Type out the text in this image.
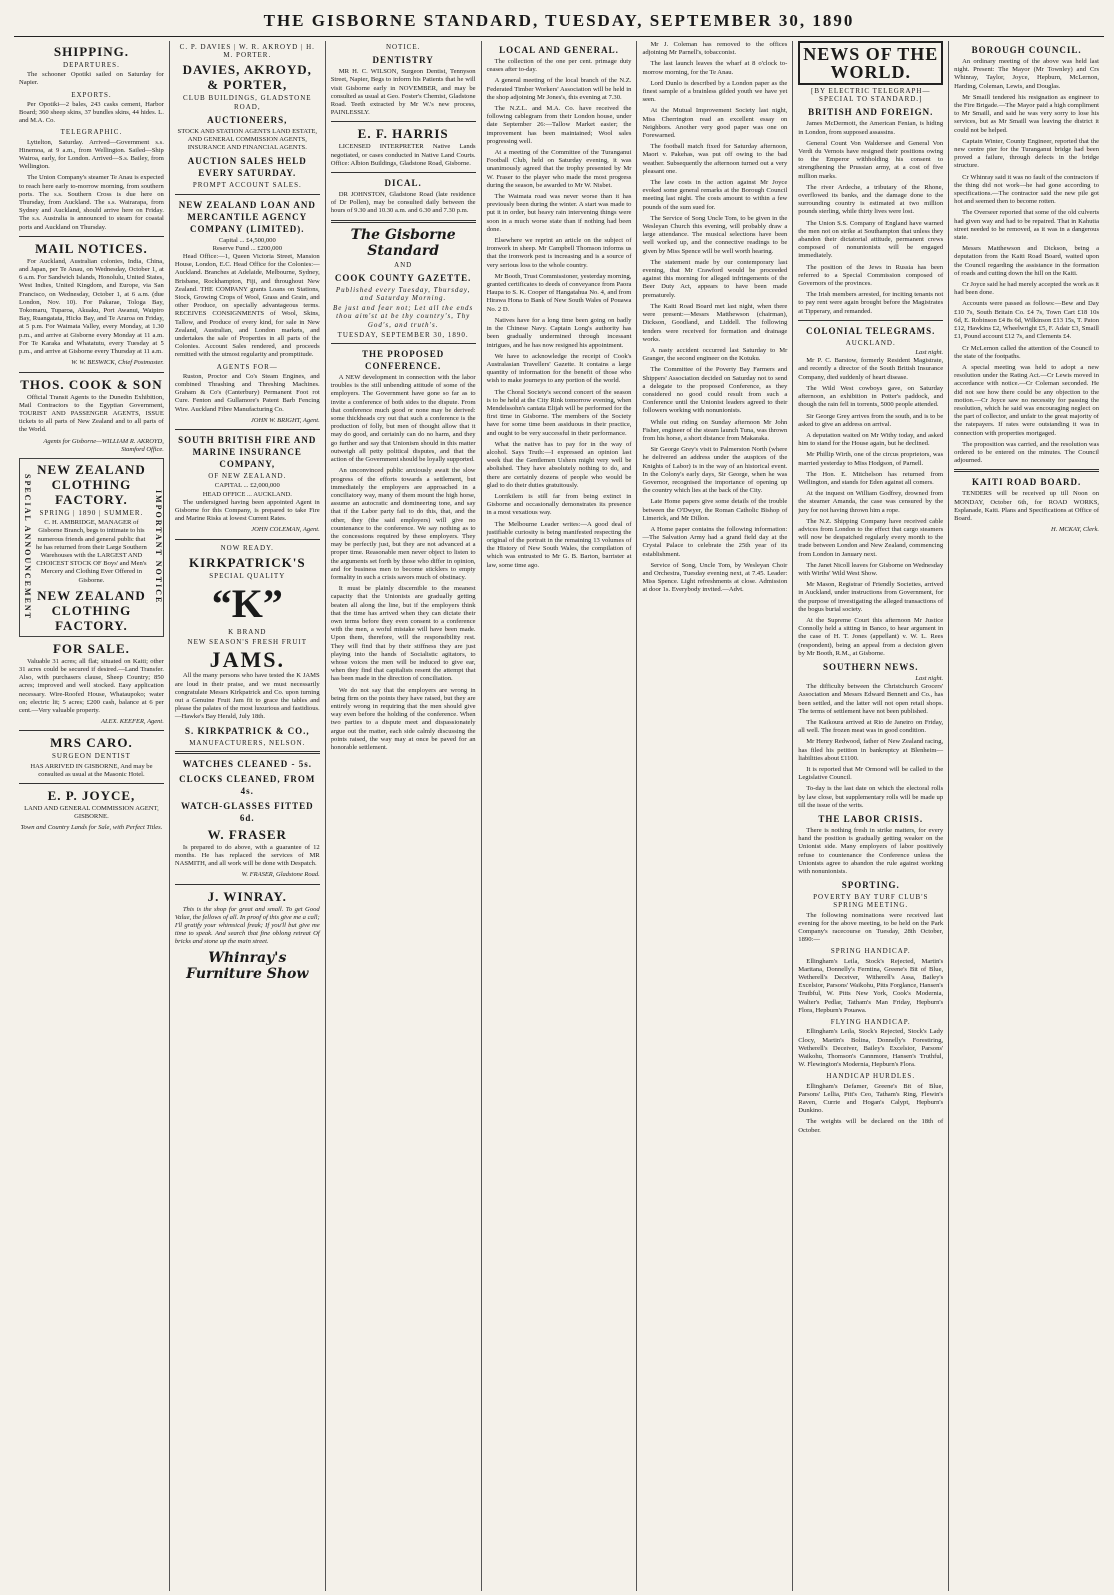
THE GISBORNE STANDARD, TUESDAY, SEPTEMBER 30, 1890
SHIPPING.
DEPARTURES.

The schooner Opotiki sailed on Saturday for Napier.

EXPORTS.

Per Opotiki—2 bales, 243 casks cement, Harbor Board; 360 sheep skins, 37 bundles skins, 44 hides. L. and M.A. Co.

TELEGRAPHIC.

Lyttelton, Saturday. Arrived—Government s.s. Hinemoa, at 9 a.m., from Wellington. Sailed—Ship Wairoa, early, for London. Arrived—S.s. Bailey, from Wellington.

The Union Company's steamer Te Anau is expected to reach here early to-morrow morning, from southern ports. The s.s. Southern Cross is due here on Thursday, from Auckland. The s.s. Wairarapa, from Sydney and Auckland, should arrive here on Friday. The s.s. Australia is announced to steam for coastal ports and Auckland on Thursday.

MAIL NOTICES.

For Auckland, Australian colonies, India, China, and Japan, per Te Anau, on Wednesday, October 1, at 6 a.m. For Sandwich Islands, Honolulu, United States, West Indies, United Kingdom, and Europe, via San Francisco, on Wednesday, October 1, at 6 a.m. (due London, Nov. 10). For Pakarae, Tologa Bay, Tokomaru, Tuparoa, Akuaku, Port Awanui, Waipiro Bay, Ruangatata, Hicks Bay, and Te Araroa on Friday, at 5 p.m. For Waimata Valley, every Monday, at 1.30 p.m., and arrive at Gisborne every Monday at 11 a.m. For Te Karaka and Whatatutu, every Tuesday at 5 p.m., and arrive at Gisborne every Thursday at 11 a.m.

W. W. BESWICK, Chief Postmaster.
THOS. COOK & SON

Official Transit Agents to the Dunedin Exhibition, Mail Contractors to the Egyptian Government, TOURIST AND PASSENGER AGENTS, ISSUE tickets to all parts of New Zealand and to all parts of the World.

Agents for Gisborne—WILLIAM R. AKROYD, Stamford Office.
SPECIAL ANNOUNCEMENT	IMPORTANT NOTICE
NEW ZEALAND CLOTHING FACTORY.
SPRING | 1890 | SUMMER.

C. H. AMBRIDGE, MANAGER of Gisborne Branch, begs to intimate to his numerous friends and general public that he has returned from their Large Southern Warehouses with the LARGEST AND CHOICEST STOCK OF Boys' and Men's Mercery and Clothing Ever Offered in Gisborne.

NEW ZEALAND CLOTHING FACTORY.
FOR SALE.

Valuable 31 acres; all flat; situated on Kaiti; other 31 acres could be secured if desired.—Land Transfer. Also, with purchasers clause, Sheep Country; 850 acres; improved and well stocked. Easy application necessary. Wire-Roofed House, Whataupoko; water on; electric lit; 5 acres; £200 cash, balance at 6 per cent.—Very valuable property.

ALEX. KEEFER, Agent.
MRS CARO.
SURGEON DENTIST

HAS ARRIVED IN GISBORNE, And may be consulted as usual at the Masonic Hotel.

E. P. JOYCE,

LAND AND GENERAL COMMISSION AGENT, GISBORNE.

Town and Country Lands for Sale, with Perfect Titles.

C. P. DAVIES | W. R. AKROYD | H. M. PORTER.
DAVIES, AKROYD, & PORTER,
CLUB BUILDINGS, GLADSTONE ROAD,
AUCTIONEERS,

STOCK AND STATION AGENTS LAND ESTATE, AND GENERAL COMMISSION AGENTS, INSURANCE AND FINANCIAL AGENTS.

AUCTION SALES HELD EVERY SATURDAY.
PROMPT ACCOUNT SALES.
NEW ZEALAND LOAN AND MERCANTILE AGENCY COMPANY (LIMITED).
Capital ... £4,500,000
Reserve Fund ... £200,000

Head Office:—1, Queen Victoria Street, Mansion House, London, E.C. Head Office for the Colonies:—Auckland. Branches at Adelaide, Melbourne, Sydney, Brisbane, Rockhampton, Fiji, and throughout New Zealand. THE COMPANY grants Loans on Stations, Stock, Growing Crops of Wool, Grass and Grain, and other Produce, on specially advantageous terms. RECEIVES CONSIGNMENTS of Wool, Skins, Tallow, and Produce of every kind, for sale in New Zealand, Australian, and London markets, and undertakes the sale of Properties in all parts of the Colonies. Account Sales rendered, and proceeds remitted with the utmost regularity and promptitude.

AGENTS FOR—

Ruston, Proctor and Co's Steam Engines, and combined Thrashing and Threshing Machines. Graham & Co's (Canterbury) Permanent Foot rot Cure. Fenton and Gullamore's Patent Barb Fencing Wire. Auckland Fibre Manufacturing Co.

JOHN W. BRIGHT, Agent.
SOUTH BRITISH FIRE AND MARINE INSURANCE COMPANY,
OF NEW ZEALAND.
CAPITAL ... £2,000,000
HEAD OFFICE ... AUCKLAND.

The undersigned having been appointed Agent in Gisborne for this Company, is prepared to take Fire and Marine Risks at lowest Current Rates.

JOHN COLEMAN, Agent.
NOW READY.
KIRKPATRICK'S
SPECIAL QUALITY
“K”
K BRAND
NEW SEASON'S FRESH FRUIT
JAMS.

All the many persons who have tested the K JAMS are loud in their praise, and we must necessarily congratulate Messrs Kirkpatrick and Co. upon turning out a Genuine Fruit Jam fit to grace the tables and please the palates of the most luxurious and fastidious.—Hawke's Bay Herald, July 18th.

S. KIRKPATRICK & CO.,
MANUFACTURERS, NELSON.
WATCHES CLEANED - 5s.
CLOCKS CLEANED, FROM 4s.
WATCH-GLASSES FITTED 6d.
W. FRASER

Is prepared to do above, with a guarantee of 12 months. He has replaced the services of MR NASMITH, and all work will be done with Despatch.

W. FRASER, Gladstone Road.
J. WINRAY.

This is the shop for great and small. To get Good Value, the fellows of all. In proof of this give me a call; I'll gratify your whimsical freak; If you'll but give me time to speak. And search that fine oblong retreat Of bricks and stone up the main street.

Whinray's Furniture Show
NOTICE.
DENTISTRY

MR H. C. WILSON, Surgeon Dentist, Tennyson Street, Napier, Begs to inform his Patients that he will visit Gisborne early in NOVEMBER, and may be consulted as usual at Geo. Foster's Chemist, Gladstone Road. Teeth extracted by Mr W.'s new process, PAINLESSLY.

E. F. HARRIS

LICENSED INTERPRETER Native Lands negotiated, or cases conducted in Native Land Courts. Office: Albion Buildings, Gladstone Road, Gisborne.

DICAL.

DR JOHNSTON, Gladstone Road (late residence of Dr Pollen), may be consulted daily between the hours of 9.30 and 10.30 a.m. and 6.30 and 7.30 p.m.

The Gisborne Standard
AND
COOK COUNTY GAZETTE.
Published every Tuesday, Thursday, and Saturday Morning.
Be just and fear not; Let all the ends thou aim'st at be thy country's, Thy God's, and truth's.
TUESDAY, SEPTEMBER 30, 1890.
THE PROPOSED CONFERENCE.

A NEW development in connection with the labor troubles is the still unbending attitude of some of the employers. The Government have gone so far as to invite a conference of both sides to the dispute. From that conference much good or none may be derived: some thickheads cry out that such a conference is the production of folly, but men of thought allow that it may do good, and certainly can do no harm, and they go further and say that Unionism should in this matter outweigh all petty political disputes, and that the action of the Government should be loyally supported.

An unconvinced public anxiously await the slow progress of the efforts towards a settlement, but immediately the employers are approached in a conciliatory way, many of them mount the high horse, assume an autocratic and domineering tone, and say that if the Labor party fail to do this, that, and the other, they (the said employers) will give no countenance to the conference. We say nothing as to the concessions required by these employers. They may be perfectly just, but they are not advanced at a proper time. Reasonable men never object to listen to the arguments set forth by those who differ in opinion, and for business men to become sticklers to empty formality in such a crisis savors much of obstinacy.

It must be plainly discernible to the meanest capacity that the Unionists are gradually getting beaten all along the line, but if the employers think that the time has arrived when they can dictate their own terms before they even consent to a conference with the men, a woful mistake will have been made. Upon them, therefore, will the responsibility rest. They will find that by their stiffness they are just playing into the hands of Socialistic agitators, to whose voices the men will be induced to give ear, when they find that capitalists resent the attempt that has been made in the direction of conciliation.

We do not say that the employers are wrong in being firm on the points they have raised, but they are entirely wrong in requiring that the men should give way even before the holding of the conference. When two parties to a dispute meet and dispassionately argue out the matter, each side calmly discussing the points raised, the way may at once be paved for an honorable settlement.

LOCAL AND GENERAL.

The collection of the one per cent. primage duty ceases after to-day.

A general meeting of the local branch of the N.Z. Federated Timber Workers' Association will be held in the shop adjoining Mr Jones's, this evening at 7.30.

The N.Z.L. and M.A. Co. have received the following cablegram from their London house, under date September 26:—Tallow Market easier; the improvement has been maintained; Wool sales progressing well.

At a meeting of the Committee of the Turanganui Football Club, held on Saturday evening, it was unanimously agreed that the trophy presented by Mr W. Fraser to the player who made the most progress during the season, be awarded to Mr W. Nisbet.

The Waimata road was never worse than it has previously been during the winter. A start was made to put it in order, but heavy rain intervening things were soon in a much worse state than if nothing had been done.

Elsewhere we reprint an article on the subject of ironwork in sheep. Mr Campbell Thomson informs us that the ironwork pest is increasing and is a source of very serious loss to the whole country.

Mr Booth, Trust Commissioner, yesterday morning, granted certificates to deeds of conveyance from Paora Haupa to S. K. Cooper of Hangatahua No. 4, and from Hirawa Hona to Bank of New South Wales of Pouawa No. 2 D.

Natives have for a long time been going on badly in the Chinese Navy. Captain Long's authority has been gradually undermined through incessant intrigues, and he has now resigned his appointment.

We have to acknowledge the receipt of Cook's Australasian Travellers' Gazette. It contains a large quantity of information for the benefit of those who wish to make journeys to any portion of the world.

The Choral Society's second concert of the season is to be held at the City Rink tomorrow evening, when Mendelssohn's cantata Elijah will be performed for the first time in Gisborne. The members of the Society have for some time been assiduous in their practice, and ought to be very successful in their performance.

What the native has to pay for in the way of alcohol. Says Truth:—I expressed an opinion last week that the Gentlemen Ushers might very well be abolished. They have absolutely nothing to do, and there are certainly dozens of people who would be glad to do their duties gratuitously.

Lorrikilem is still far from being extinct in Gisborne and occasionally demonstrates its presence in a most vexatious way.

The Melbourne Leader writes:—A good deal of justifiable curiosity is being manifested respecting the original of the portrait in the remaining 13 volumes of the History of New South Wales, the compilation of which was entrusted to Mr G. B. Barton, barrister at law, some time ago.

Mr J. Coleman has removed to the offices adjoining Mr Parnell's, tobacconist.

The last launch leaves the wharf at 8 o'clock to-morrow morning, for the Te Anau.

Lord Dunlo is described by a London paper as the finest sample of a brainless gilded youth we have yet seen.

At the Mutual Improvement Society last night, Miss Cherrington read an excellent essay on Neighbors. Another very good paper was one on Forewarned.

The football match fixed for Saturday afternoon, Maori v. Pakehas, was put off owing to the bad weather. Subsequently the afternoon turned out a very pleasant one.

The law costs in the action against Mr Joyce evoked some general remarks at the Borough Council meeting last night. The costs amount to within a few pounds of the sum sued for.

The Service of Song Uncle Tom, to be given in the Wesleyan Church this evening, will probably draw a large attendance. The musical selections have been well worked up, and the connective readings to be given by Miss Spence will be well worth hearing.

The statement made by our contemporary last evening, that Mr Crawford would be proceeded against this morning for alleged infringements of the Beer Duty Act, appears to have been made prematurely.

The Kaiti Road Board met last night, when there were present:—Messrs Matthewson (chairman), Dickson, Goodland, and Liddell. The following tenders were received for formation and drainage works.

A nasty accident occurred last Saturday to Mr Granger, the second engineer on the Kotuku.

The Committee of the Poverty Bay Farmers and Shippers' Association decided on Saturday not to send a delegate to the proposed Conference, as they considered no good could result from such a Conference until the Unionist leaders agreed to their followers working with nonunionists.

While out riding on Sunday afternoon Mr John Fisher, engineer of the steam launch Tuna, was thrown from his horse, a short distance from Makaraka.

Sir George Grey's visit to Palmerston North (where he delivered an address under the auspices of the Knights of Labor) is in the way of an historical event. In the Colony's early days, Sir George, when he was Governor, recognised the importance of opening up the country which lies at the back of the City.

Late Home papers give some details of the trouble between the O'Dwyer, the Roman Catholic Bishop of Limerick, and Mr Dillon.

A Home paper contains the following information:—The Salvation Army had a grand field day at the Crystal Palace to celebrate the 25th year of its establishment.

Service of Song, Uncle Tom, by Wesleyan Choir and Orchestra, Tuesday evening next, at 7.45. Leader: Miss Spence. Light refreshments at close. Admission at door 1s. Everybody invited.—Advt.

NEWS OF THE WORLD.
[BY ELECTRIC TELEGRAPH—SPECIAL TO STANDARD.]
BRITISH AND FOREIGN.

James McDermott, the American Fenian, is hiding in London, from supposed assassins.

General Count Von Waldersee and General Von Verdi du Vernois have resigned their positions owing to the Emperor withholding his consent to strengthening the Prussian army, at a cost of five million marks.

The river Ardeche, a tributary of the Rhone, overflowed its banks, and the damage done to the surrounding country is estimated at two million pounds sterling, while thirty lives were lost.

The Union S.S. Company of England have warned the men not on strike at Southampton that unless they abandon their dictatorial attitude, permanent crews composed of nonunionists will be engaged immediately.

The position of the Jews in Russia has been referred to a Special Commission composed of Governors of the provinces.

The Irish members arrested, for inciting tenants not to pay rent were again brought before the Magistrates at Tipperary, and remanded.

COLONIAL TELEGRAMS.
AUCKLAND.
Last night.

Mr P. C. Barstow, formerly Resident Magistrate, and recently a director of the South British Insurance Company, died suddenly of heart disease.

The Wild West cowboys gave, on Saturday afternoon, an exhibition in Potter's paddock, and though the rain fell in torrents, 5000 people attended.

Sir George Grey arrives from the south, and is to be asked to give an address on arrival.

A deputation waited on Mr Withy today, and asked him to stand for the House again, but he declined.

Mr Phillip Wirth, one of the circus proprietors, was married yesterday to Miss Hodgson, of Parnell.

The Hon. E. Mitchelson has returned from Wellington, and stands for Eden against all comers.

At the inquest on William Godfrey, drowned from the steamer Amanda, the case was censured by the jury for not having thrown him a rope.

The N.Z. Shipping Company have received cable advices from London to the effect that cargo steamers will now be despatched regularly every month to the trade between London and New Zealand, commencing from London in January next.

The Janet Nicoll leaves for Gisborne on Wednesday with Wirths' Wild West Show.

Mr Mason, Registrar of Friendly Societies, arrived in Auckland, under instructions from Government, for the purpose of investigating the alleged transactions of the bogus burial society.

At the Supreme Court this afternoon Mr Justice Connolly held a sitting in Banco, to hear argument in the case of H. T. Jones (appellant) v. W. L. Rees (respondent), being an appeal from a decision given by Mr Booth, R.M., at Gisborne.

SOUTHERN NEWS.
Last night.

The difficulty between the Christchurch Grocers' Association and Messrs Edward Bennett and Co., has been settled, and the latter will not open retail shops. The terms of settlement have not been published.

The Kaikoura arrived at Rio de Janeiro on Friday, all well. The frozen meat was in good condition.

Mr Henry Redwood, father of New Zealand racing, has filed his petition in bankruptcy at Blenheim—liabilities about £1100.

It is reported that Mr Ormond will be called to the Legislative Council.

To-day is the last date on which the electoral rolls by law close, but supplementary rolls will be made up till the issue of the writs.

THE LABOR CRISIS.

There is nothing fresh in strike matters, for every hand the position is gradually getting weaker on the Unionist side. Many employers of labor positively refuse to countenance the Conference unless the Unionists agree to abandon the rule against working with nonunionists.

SPORTING.
POVERTY BAY TURF CLUB'S SPRING MEETING.

The following nominations were received last evening for the above meeting, to be held on the Park Company's racecourse on Tuesday, 28th October, 1890:—

SPRING HANDICAP.

Ellingham's Leila, Stock's Rejected, Martin's Maritana, Donnelly's Ferntina, Greene's Bit of Blue, Wetherell's Deceiver, Witherell's Assa, Bailey's Excelsior, Parsons' Waikohu, Pitts Forglance, Hansen's Trutbful, W. Pitts New York, Cook's Modernia, Walter's Pedlar, Tatham's Man Friday, Hepburn's Flora, Hepburn's Pouawa.

FLYING HANDICAP.

Ellingham's Leila, Stock's Rejected, Stock's Lady Clocy, Martin's Bolina, Donnelly's Forestiring, Wetherell's Deceiver, Bailey's Excelsior, Parsons' Waikohu, Thomson's Cannmore, Hansen's Truthful, W. Flewington's Modernia, Hepburn's Flora.

HANDICAP HURDLES.

Ellingham's Defamer, Greene's Bit of Blue, Parsons' Lellia, Pitt's Ceo, Tatham's Ring, Flewin's Raven, Currie and Hogan's Calypt, Hepburn's Dunkino.

The weights will be declared on the 18th of October.

BOROUGH COUNCIL.

An ordinary meeting of the above was held last night. Present: The Mayor (Mr Townley) and Crs Whinray, Taylor, Joyce, Hepburn, McLernon, Harding, Coleman, Lewis, and Douglas.

Mr Smaill tendered his resignation as engineer to the Fire Brigade.—The Mayor paid a high compliment to Mr Smaill, and said he was very sorry to lose his services, but as Mr Smaill was leaving the district it could not be helped.

Captain Winter, County Engineer, reported that the new centre pier for the Turanganui bridge had been proved a failure, through defects in the bridge structure.

Cr Whinray said it was no fault of the contractors if the thing did not work—he had gone according to specifications.—The contractor said the new pile got hot and seemed then to become rotten.

The Overseer reported that some of the old culverts had given way and had to be repaired. That in Kahutia street needed to be removed, as it was in a dangerous state.

Messrs Matthewson and Dickson, being a deputation from the Kaiti Road Board, waited upon the Council regarding the assistance in the formation of roads and cutting down the hill on the Kaiti.

Cr Joyce said he had merely accepted the work as it had been done.

Accounts were passed as follows:—Bew and Day £10 7s, South Britain Co. £4 7s, Town Cart £18 10s 6d, E. Robinson £4 8s 6d, Wilkinson £13 15s, T. Paton £12, Hawkins £2, Wheelwright £5, F. Adair £3, Smaill £1, Pound account £12 7s, and Clements £4.

Cr McLernon called the attention of the Council to the state of the footpaths.

A special meeting was held to adopt a new resolution under the Rating Act.—Cr Lewis moved in accordance with notice.—Cr Coleman seconded. He did not see how there could be any objection to the motion.—Cr Joyce saw no necessity for passing the resolution, which he said was encouraging neglect on the part of collector, and unfair to the great majority of the ratepayers. If rates were outstanding it was in connection with properties mortgaged.

The proposition was carried, and the resolution was ordered to be entered on the minutes. The Council adjourned.

KAITI ROAD BOARD.

TENDERS will be received up till Noon on MONDAY, October 6th, for ROAD WORKS, Esplanade, Kaiti. Plans and Specifications at Office of Board.

H. MCKAY, Clerk.
